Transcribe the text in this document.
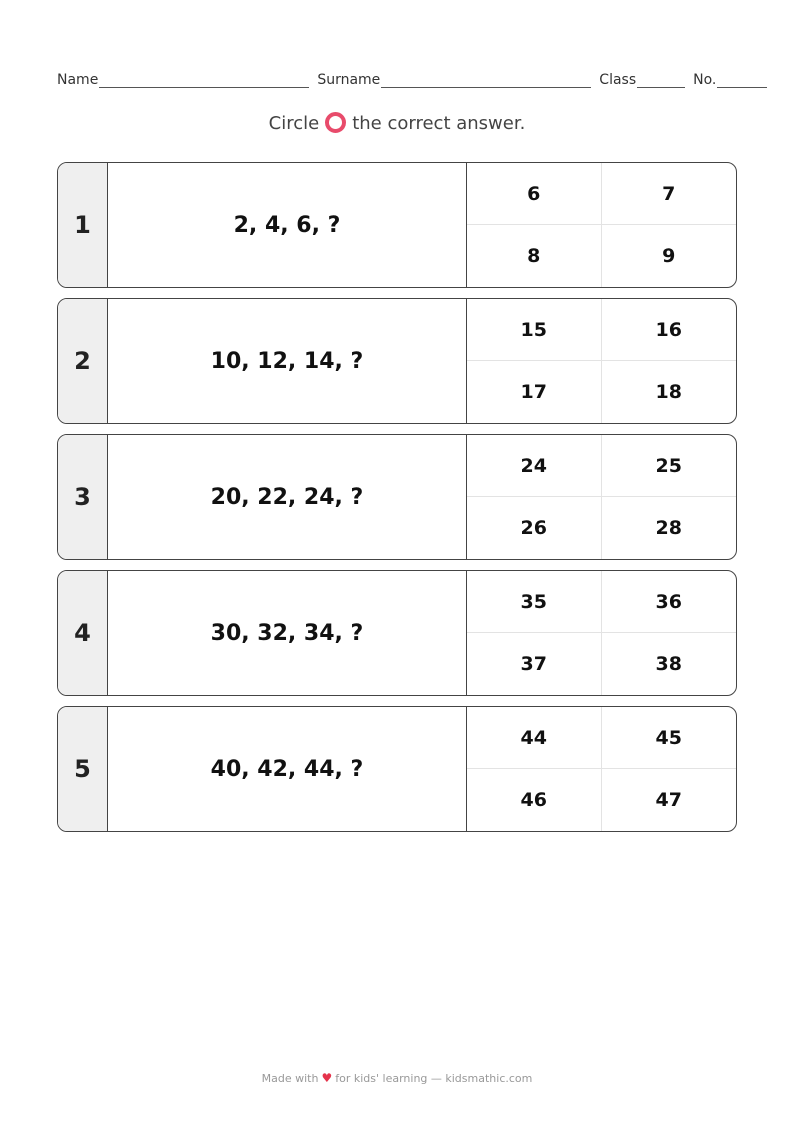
Name	Surname	Class	No.
Circle the correct answer.
1	2, 4, 6, ?
6	7
8	9
2	10, 12, 14, ?
15	16
17	18
3	20, 22, 24, ?
24	25
26	28
4	30, 32, 34, ?
35	36
37	38
5	40, 42, 44, ?
44	45
46	47
Made with ♥ for kids' learning — kidsmathic.com
